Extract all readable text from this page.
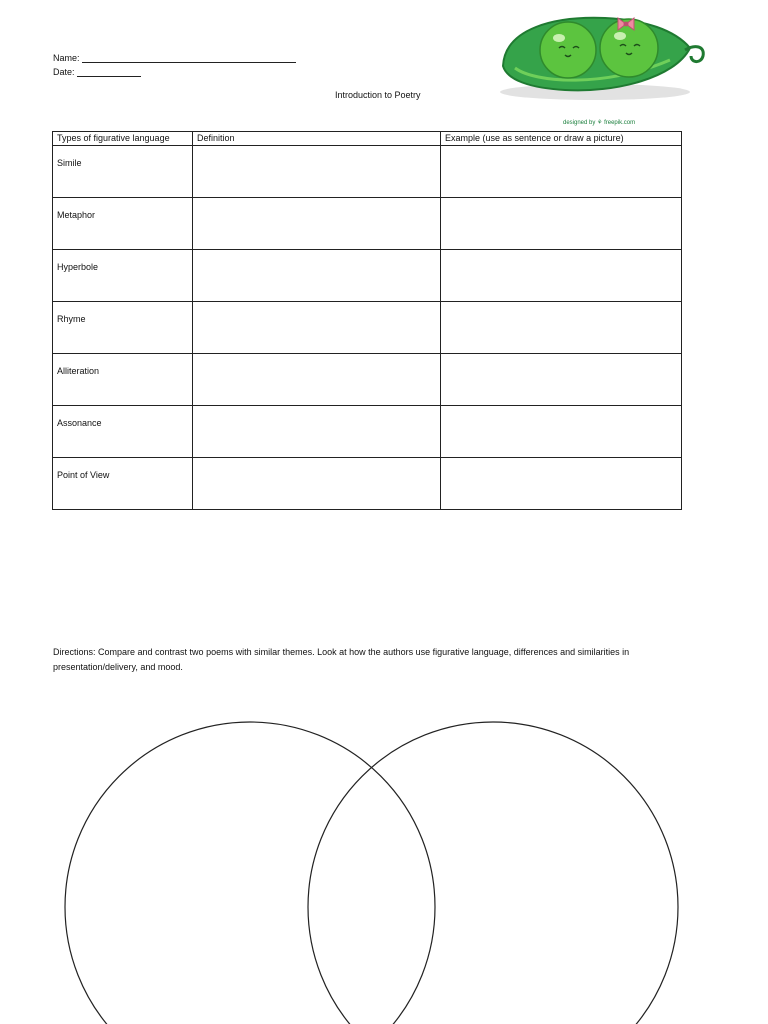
Name:
Date:
Introduction to Poetry
designed by ⚘ freepik.com
Types of figurative language	Definition	Example (use as sentence or draw a picture)
Simile		
Metaphor		
Hyperbole		
Rhyme		
Alliteration		
Assonance		
Point of View		
Directions: Compare and contrast two poems with similar themes. Look at how the authors use figurative language, differences and similarities in presentation/delivery, and mood.
